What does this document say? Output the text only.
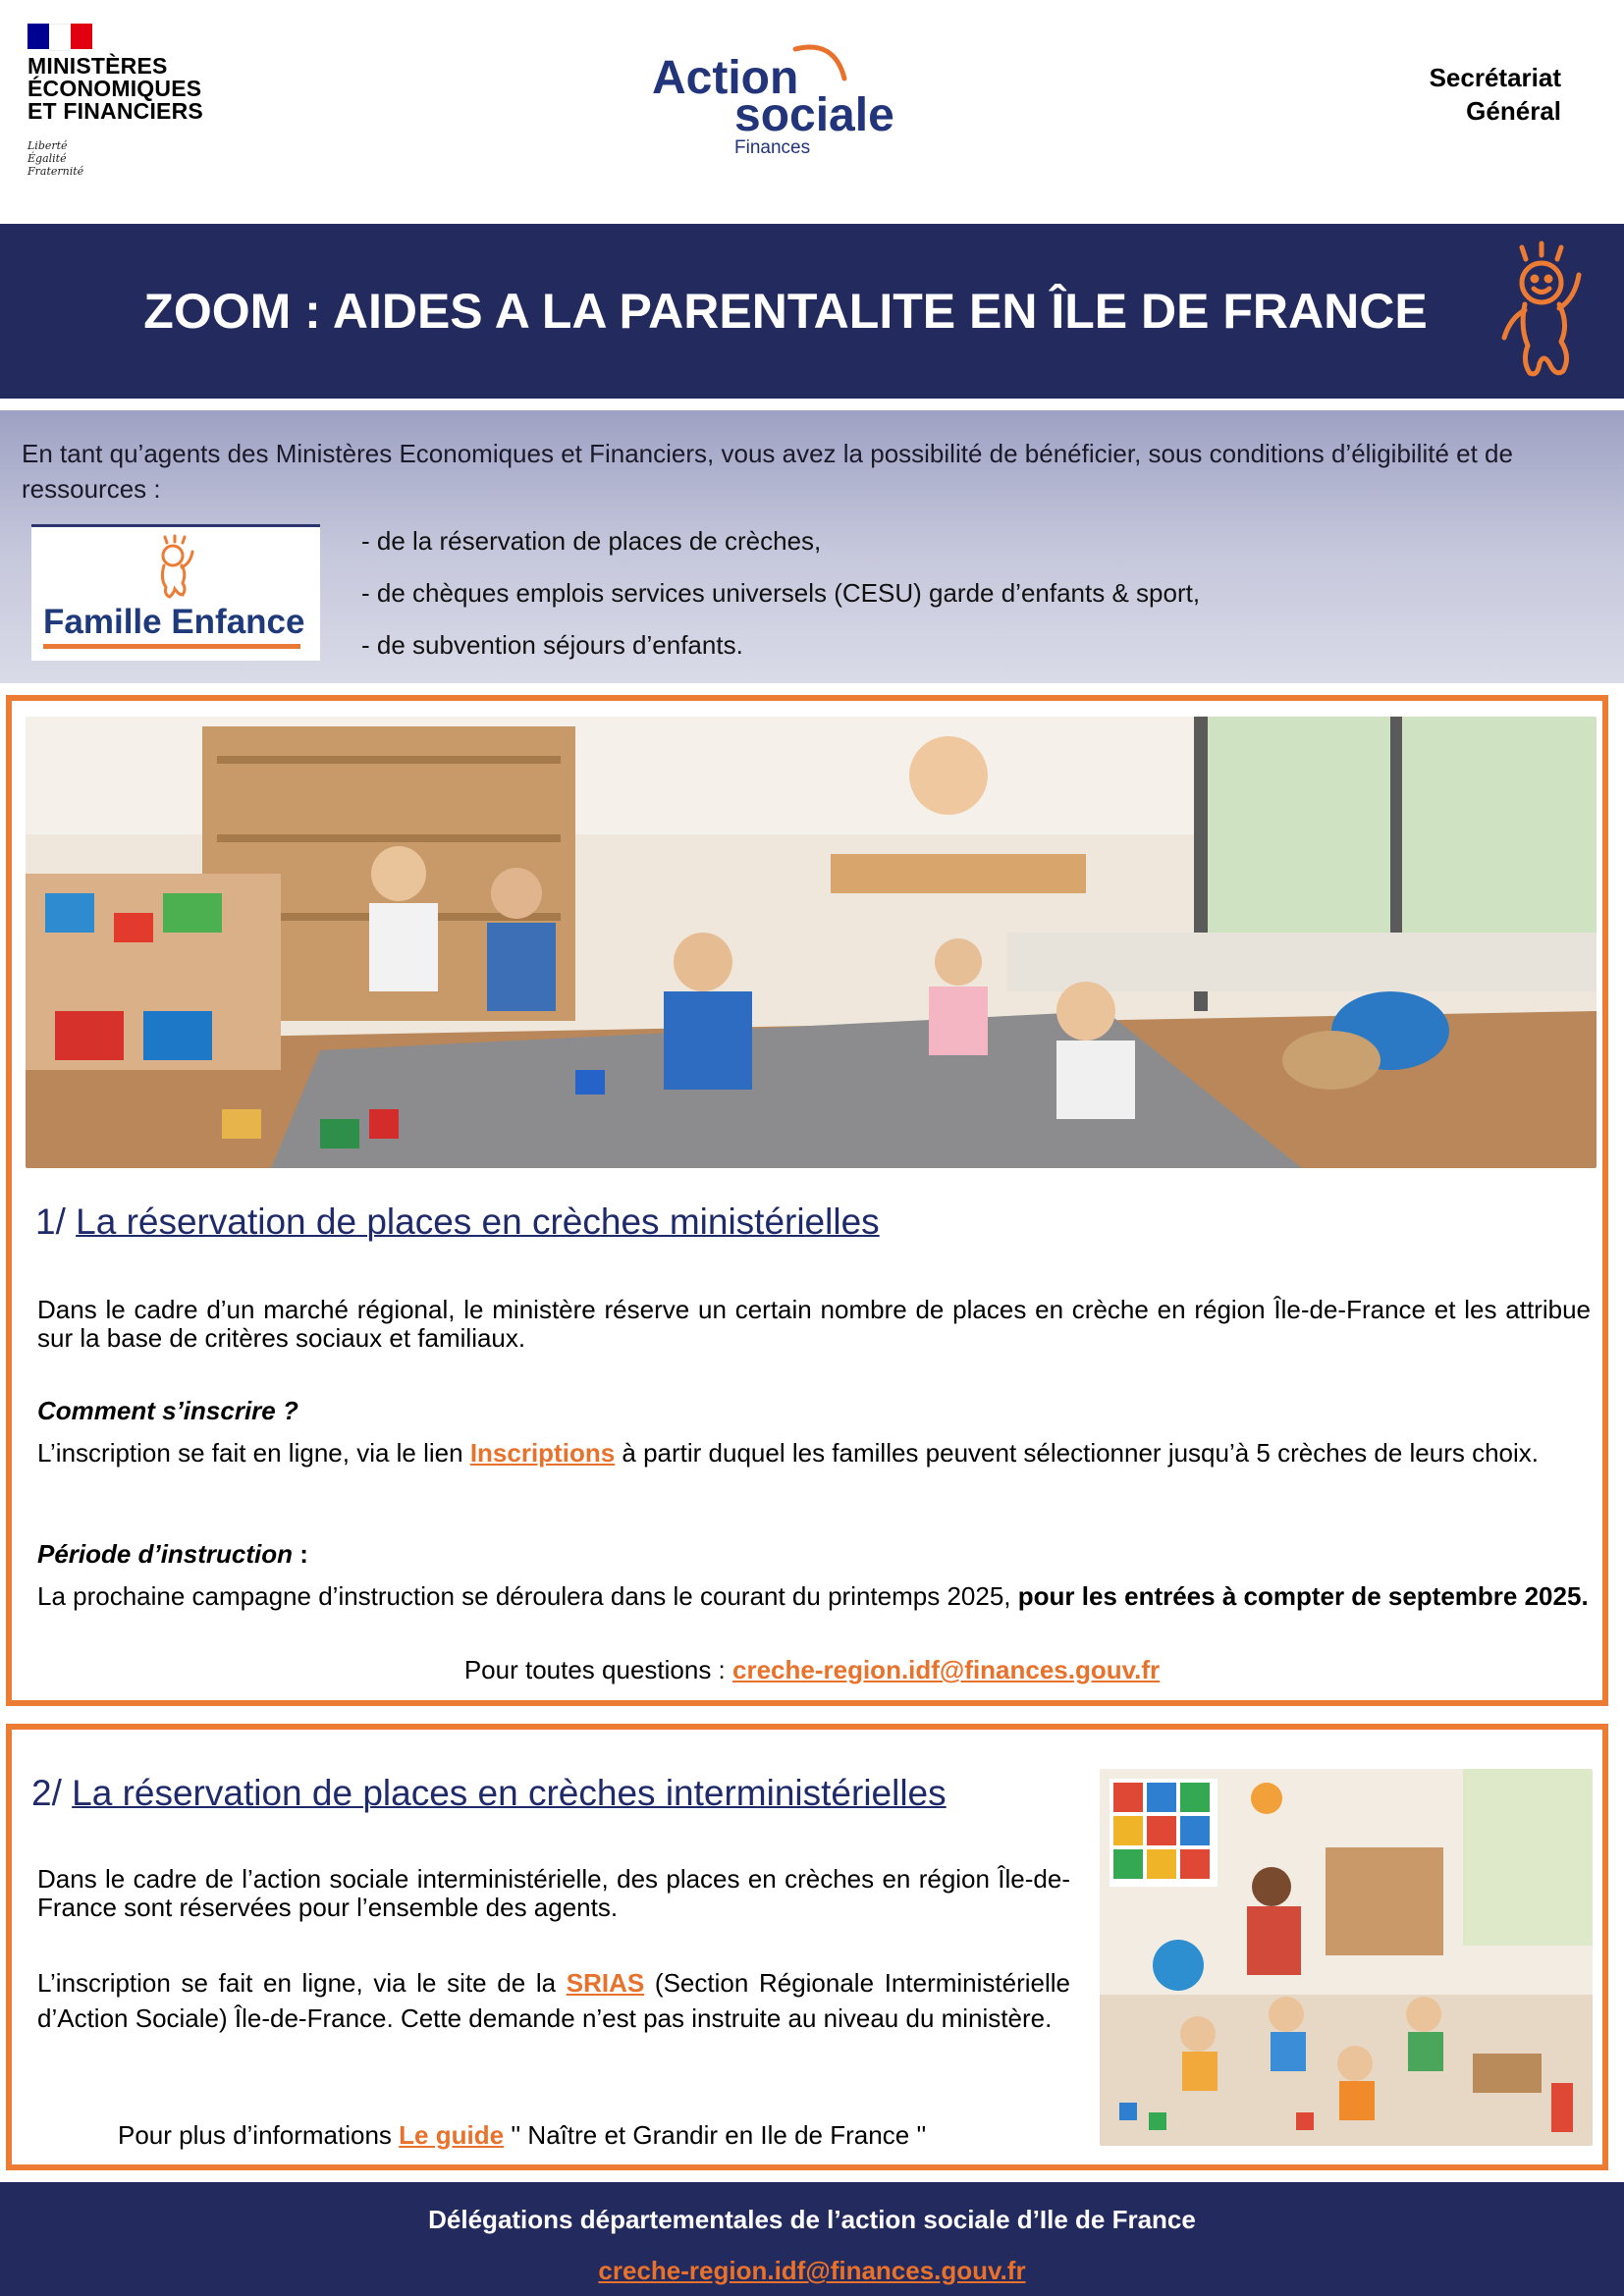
MINISTÈRES
ÉCONOMIQUES
ET FINANCIERS
Liberté
Égalité
Fraternité
Action
sociale
Finances
Secrétariat
Général
ZOOM : AIDES A LA PARENTALITE EN ÎLE DE FRANCE
En tant qu’agents des Ministères Economiques et Financiers, vous avez la possibilité de bénéficier, sous conditions d’éligibilité et de ressources :
Famille Enfance
- de la réservation de places de crèches,
- de chèques emplois services universels (CESU) garde d’enfants & sport,
- de subvention séjours d’enfants.
1/ La réservation de places en crèches ministérielles
Dans le cadre d’un marché régional, le ministère réserve un certain nombre de places en crèche en région Île-de-France et les attribue sur la base de critères sociaux et familiaux.
Comment s’inscrire ?
L’inscription se fait en ligne, via le lien Inscriptions à partir duquel les familles peuvent sélectionner jusqu’à 5 crèches de leurs choix.
Période d’instruction :
La prochaine campagne d’instruction se déroulera dans le courant du printemps 2025, pour les entrées à compter de septembre 2025.
Pour toutes questions : creche-region.idf@finances.gouv.fr
2/ La réservation de places en crèches interministérielles
Dans le cadre de l’action sociale interministérielle, des places en crèches en région Île-de-France sont réservées pour l’ensemble des agents.
L’inscription se fait en ligne, via le site de la SRIAS (Section Régionale Interministérielle d’Action Sociale) Île-de-France. Cette demande n’est pas instruite au niveau du ministère.
Pour plus d’informations Le guide '' Naître et Grandir en Ile de France ''
Délégations départementales de l’action sociale d’Ile de France
creche-region.idf@finances.gouv.fr
